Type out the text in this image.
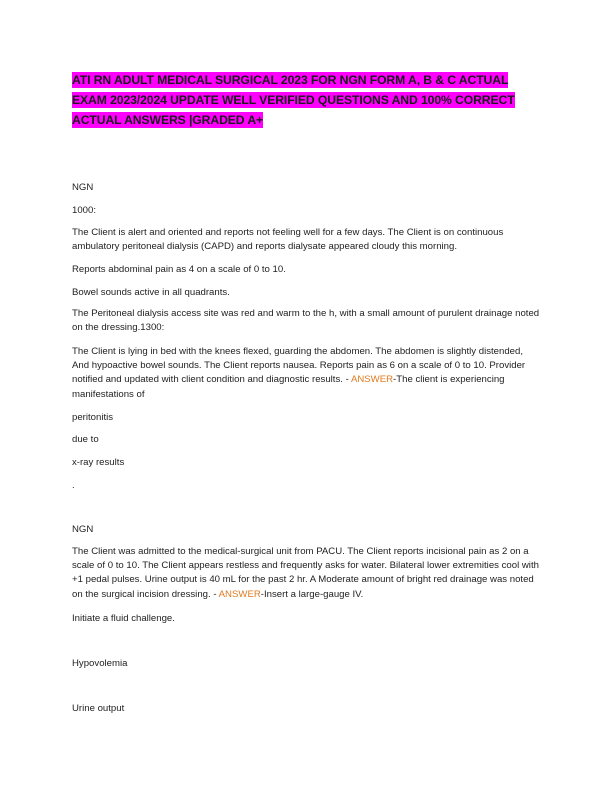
ATI RN ADULT MEDICAL SURGICAL 2023 FOR NGN FORM A, B & C ACTUAL EXAM 2023/2024 UPDATE WELL VERIFIED QUESTIONS AND 100% CORRECT ACTUAL ANSWERS |GRADED A+

NGN

1000:

The Client is alert and oriented and reports not feeling well for a few days. The Client is on continuous ambulatory peritoneal dialysis (CAPD) and reports dialysate appeared cloudy this morning.

Reports abdominal pain as 4 on a scale of 0 to 10.

Bowel sounds active in all quadrants.

The Peritoneal dialysis access site was red and warm to the h, with a small amount of purulent drainage noted on the dressing.1300:

The Client is lying in bed with the knees flexed, guarding the abdomen. The abdomen is slightly distended, And hypoactive bowel sounds. The Client reports nausea. Reports pain as 6 on a scale of 0 to 10. Provider notified and updated with client condition and diagnostic results. - ANSWER-The client is experiencing manifestations of

peritonitis

due to

x-ray results

.

NGN

The Client was admitted to the medical-surgical unit from PACU. The Client reports incisional pain as 2 on a scale of 0 to 10. The Client appears restless and frequently asks for water. Bilateral lower extremities cool with +1 pedal pulses. Urine output is 40 mL for the past 2 hr. A Moderate amount of bright red drainage was noted on the surgical incision dressing. - ANSWER-Insert a large-gauge IV.

Initiate a fluid challenge.

Hypovolemia

Urine output
